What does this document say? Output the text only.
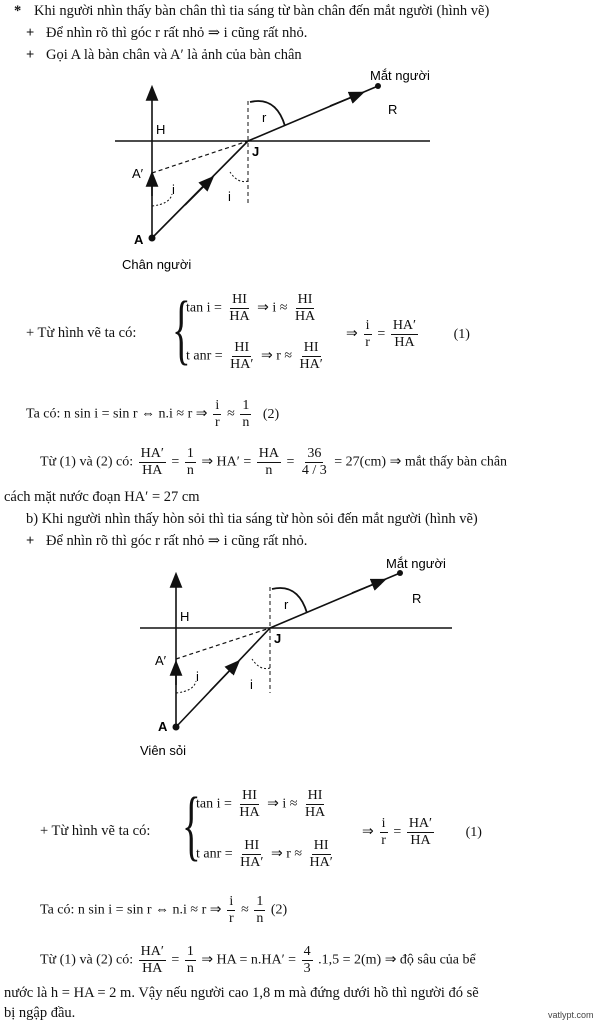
* Khi người nhìn thấy bàn chân thì tia sáng từ bàn chân đến mắt người (hình vẽ)
+ Để nhìn rõ thì góc r rất nhỏ ⇒ i cũng rất nhỏ.
+ Gọi A là bàn chân và A′ là ảnh của bàn chân
Mắt người
R
r
H
J
A′
i	i
A
Chân người
+ Từ hình vẽ ta có: {
$\tan i = \frac{HI}{HA}$ ⇒ $i \approx \frac{HI}{HA}$
t anr = $\frac{HI}{HA'}$ ⇒ $r \approx \frac{HI}{HA'}$
⇒ $\frac{i}{r} = \frac{HA'}{HA}$	(1)
Ta có: n sin i = sin r ⇔ n.i ≈ r ⇒ $\frac{i}{r} \approx \frac{1}{n} (2)$
Từ (1) và (2) có: $\frac{HA'}{HA} = \frac{1}{n}$ ⇒ $HA' = \frac{HA}{n} = \frac{36}{4 / 3} = 27(cm)$ ⇒ mắt thấy bàn chân
cách mặt nước đoạn HA′ = 27 cm
b) Khi người nhìn thấy hòn sỏi thì tia sáng từ hòn sỏi đến mắt người (hình vẽ)
+ Để nhìn rõ thì góc r rất nhỏ ⇒ i cũng rất nhỏ.
Mắt người
R
r
H
J
A′
i
i
A
Viên sỏi
+ Từ hình vẽ ta có: {
$\tan i = \frac{HI}{HA}$ ⇒ $i \approx \frac{HI}{HA}$
t anr = $\frac{HI}{HA'}$ ⇒ $r \approx \frac{HI}{HA'}$
⇒ $\frac{i}{r} = \frac{HA'}{HA} (1)$
Ta có: n sin i = sin r ⇔ n.i ≈ r ⇒ $\frac{i}{r} \approx \frac{1}{n} (2)$
Từ (1) và (2) có: $\frac{HA'}{HA} = \frac{1}{n}$ ⇒ HA = $n.HA' = \frac{4}{3} .1,5 = 2(m)$ ⇒ độ sâu của bể
nước là h = HA = 2 m. Vậy nếu người cao 1,8 m mà đứng dưới hồ thì người đó sẽ
bị ngập đầu.	vatlypt.com
